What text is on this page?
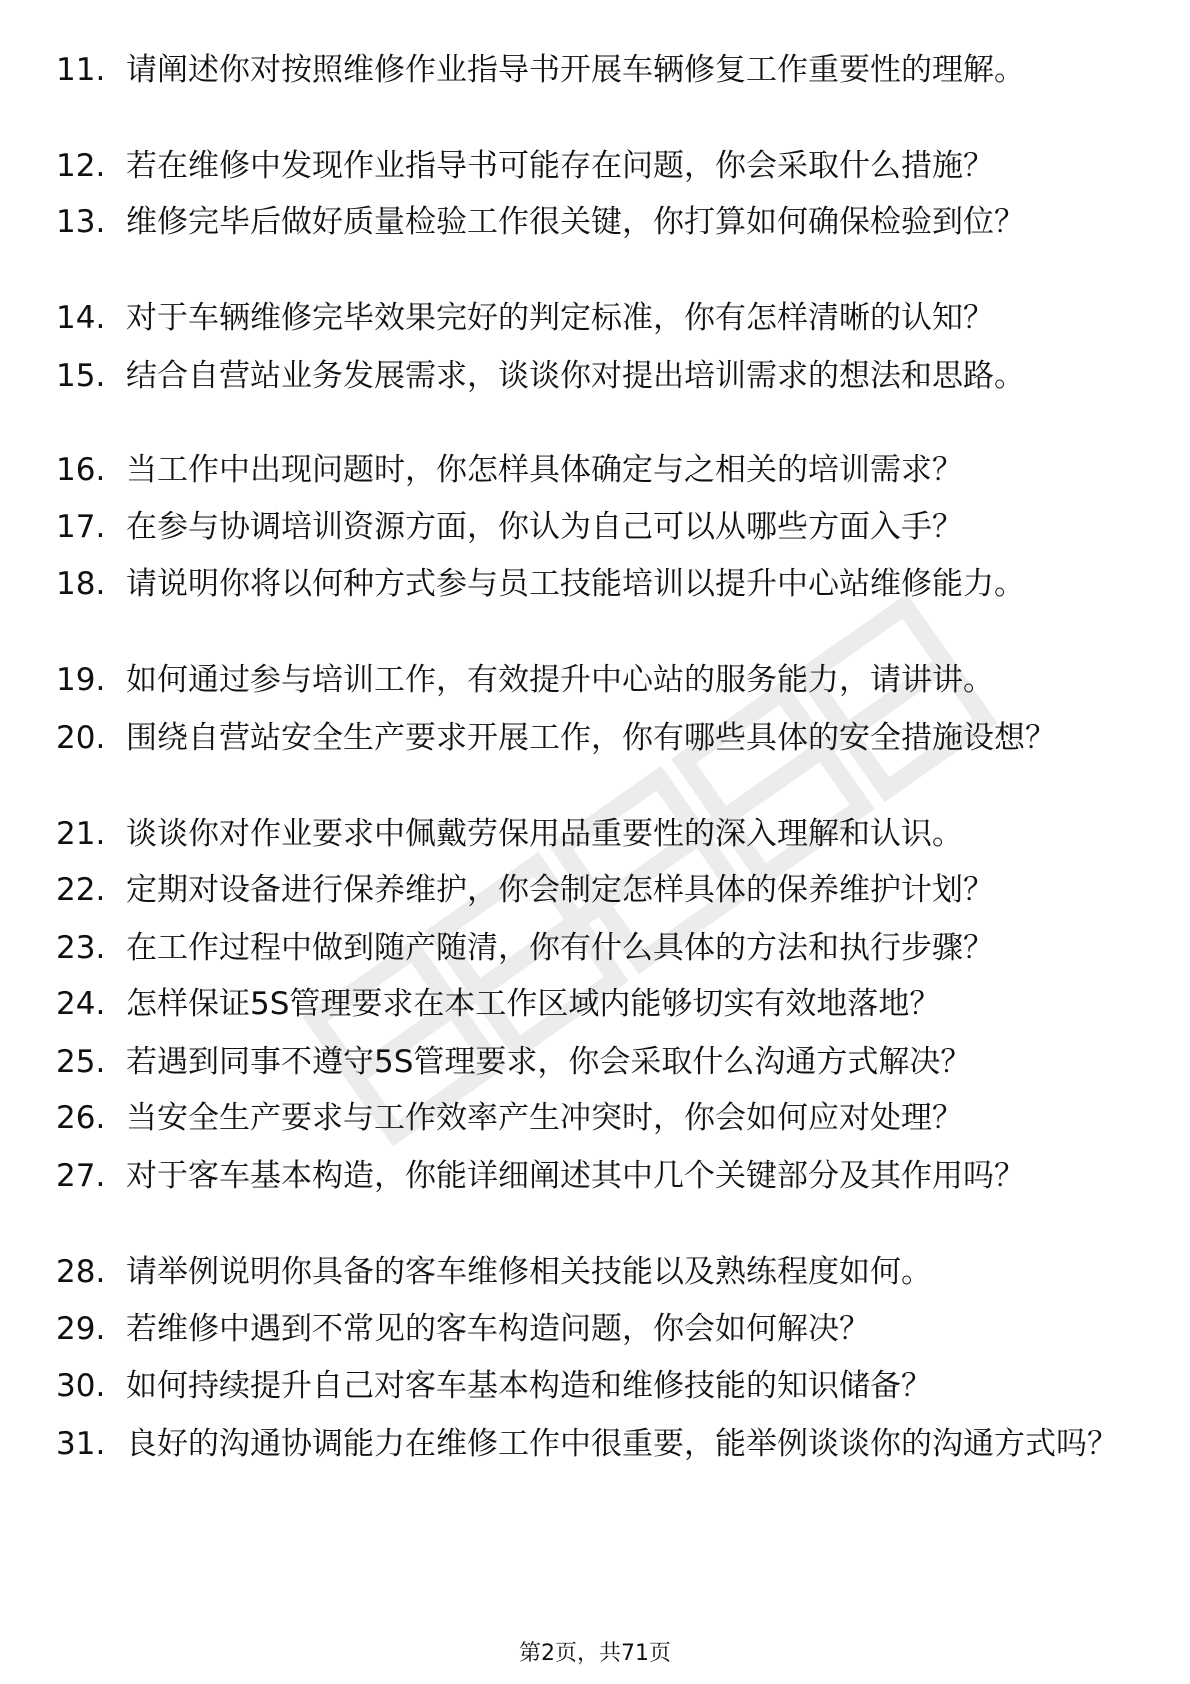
11. 请阐述你对按照维修作业指导书开展车辆修复工作重要性的理解。
12. 若在维修中发现作业指导书可能存在问题，你会采取什么措施？
13. 维修完毕后做好质量检验工作很关键，你打算如何确保检验到位？
14. 对于车辆维修完毕效果完好的判定标准，你有怎样清晰的认知？
15. 结合自营站业务发展需求，谈谈你对提出培训需求的想法和思路。
16. 当工作中出现问题时，你怎样具体确定与之相关的培训需求？
17. 在参与协调培训资源方面，你认为自己可以从哪些方面入手？
18. 请说明你将以何种方式参与员工技能培训以提升中心站维修能力。
19. 如何通过参与培训工作，有效提升中心站的服务能力，请讲讲。
20. 围绕自营站安全生产要求开展工作，你有哪些具体的安全措施设想？
21. 谈谈你对作业要求中佩戴劳保用品重要性的深入理解和认识。
22. 定期对设备进行保养维护，你会制定怎样具体的保养维护计划？
23. 在工作过程中做到随产随清，你有什么具体的方法和执行步骤？
24. 怎样保证5S管理要求在本工作区域内能够切实有效地落地？
25. 若遇到同事不遵守5S管理要求，你会采取什么沟通方式解决？
26. 当安全生产要求与工作效率产生冲突时，你会如何应对处理？
27. 对于客车基本构造，你能详细阐述其中几个关键部分及其作用吗？
28. 请举例说明你具备的客车维修相关技能以及熟练程度如何。
29. 若维修中遇到不常见的客车构造问题，你会如何解决？
30. 如何持续提升自己对客车基本构造和维修技能的知识储备？
31. 良好的沟通协调能力在维修工作中很重要，能举例谈谈你的沟通方式吗？
第2页，共71页
